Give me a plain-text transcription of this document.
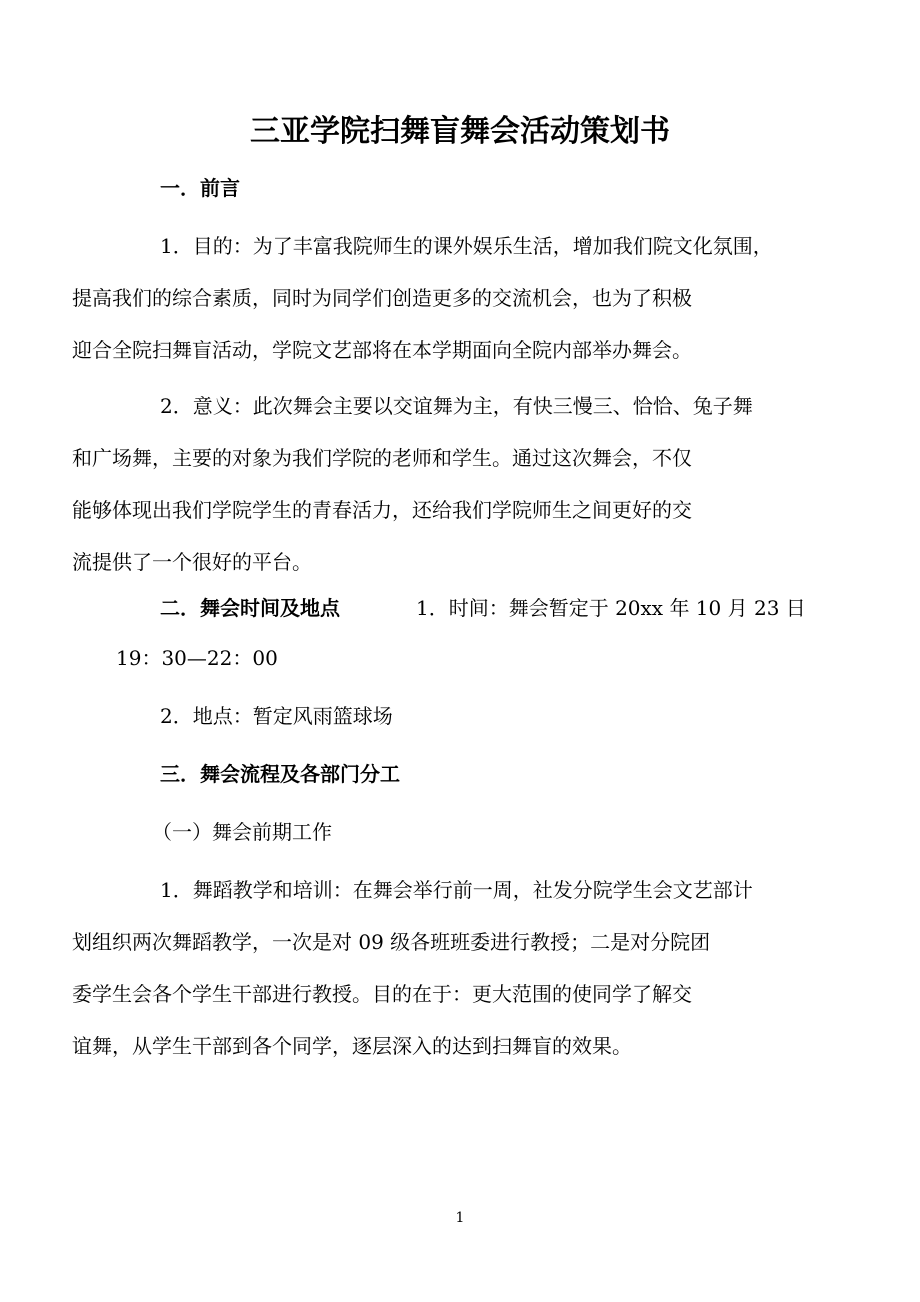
三亚学院扫舞盲舞会活动策划书
一．前言
1．目的：为了丰富我院师生的课外娱乐生活，增加我们院文化氛围，
提高我们的综合素质，同时为同学们创造更多的交流机会，也为了积极
迎合全院扫舞盲活动，学院文艺部将在本学期面向全院内部举办舞会。
2．意义：此次舞会主要以交谊舞为主，有快三慢三、恰恰、兔子舞
和广场舞，主要的对象为我们学院的老师和学生。通过这次舞会，不仅
能够体现出我们学院学生的青春活力，还给我们学院师生之间更好的交
流提供了一个很好的平台。
二．舞会时间及地点	1．时间：舞会暂定于 20xx 年 10 月 23 日
19：30—22：00
2．地点：暂定风雨篮球场
三．舞会流程及各部门分工
（一）舞会前期工作
1．舞蹈教学和培训：在舞会举行前一周，社发分院学生会文艺部计
划组织两次舞蹈教学，一次是对 09 级各班班委进行教授；二是对分院团
委学生会各个学生干部进行教授。目的在于：更大范围的使同学了解交
谊舞，从学生干部到各个同学，逐层深入的达到扫舞盲的效果。
1
